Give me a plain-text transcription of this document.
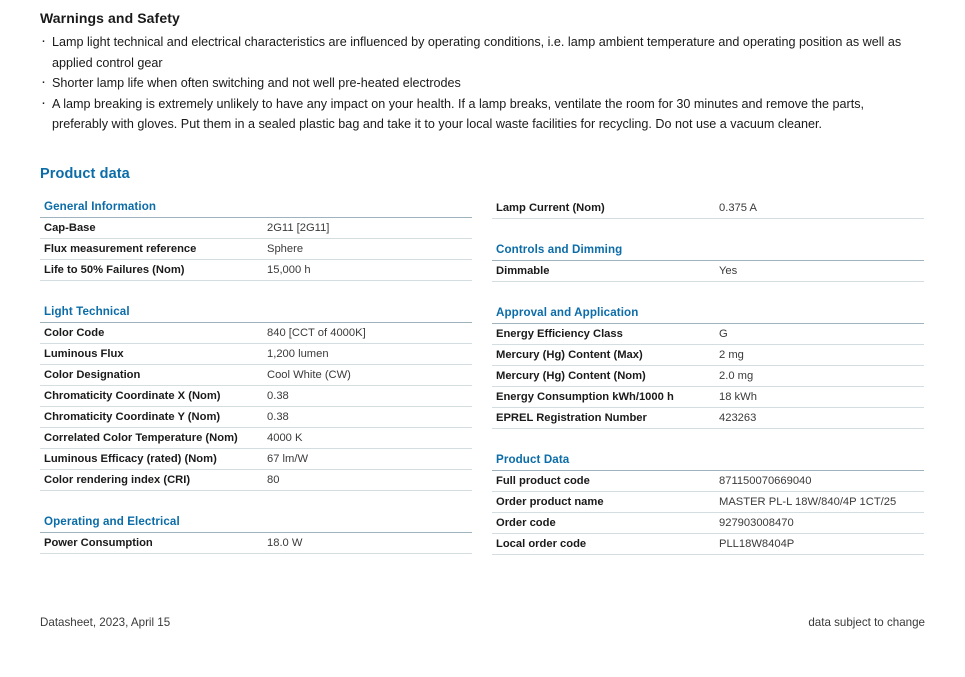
Warnings and Safety
· Lamp light technical and electrical characteristics are influenced by operating conditions, i.e. lamp ambient temperature and operating position as well as applied control gear
· Shorter lamp life when often switching and not well pre-heated electrodes
· A lamp breaking is extremely unlikely to have any impact on your health. If a lamp breaks, ventilate the room for 30 minutes and remove the parts, preferably with gloves. Put them in a sealed plastic bag and take it to your local waste facilities for recycling. Do not use a vacuum cleaner.
Product data
General Information
Cap-Base	2G11 [2G11]
Flux measurement reference	Sphere
Life to 50% Failures (Nom)	15,000 h
Light Technical
Color Code	840 [CCT of 4000K]
Luminous Flux	1,200 lumen
Color Designation	Cool White (CW)
Chromaticity Coordinate X (Nom)	0.38
Chromaticity Coordinate Y (Nom)	0.38
Correlated Color Temperature (Nom)	4000 K
Luminous Efficacy (rated) (Nom)	67 lm/W
Color rendering index (CRI)	80
Operating and Electrical
Power Consumption	18.0 W
Lamp Current (Nom)	0.375 A
Controls and Dimming
Dimmable	Yes
Approval and Application
Energy Efficiency Class	G
Mercury (Hg) Content (Max)	2 mg
Mercury (Hg) Content (Nom)	2.0 mg
Energy Consumption kWh/1000 h	18 kWh
EPREL Registration Number	423263
Product Data
Full product code	871150070669040
Order product name	MASTER PL-L 18W/840/4P 1CT/25
Order code	927903008470
Local order code	PLL18W8404P
Datasheet, 2023, April 15	data subject to change
